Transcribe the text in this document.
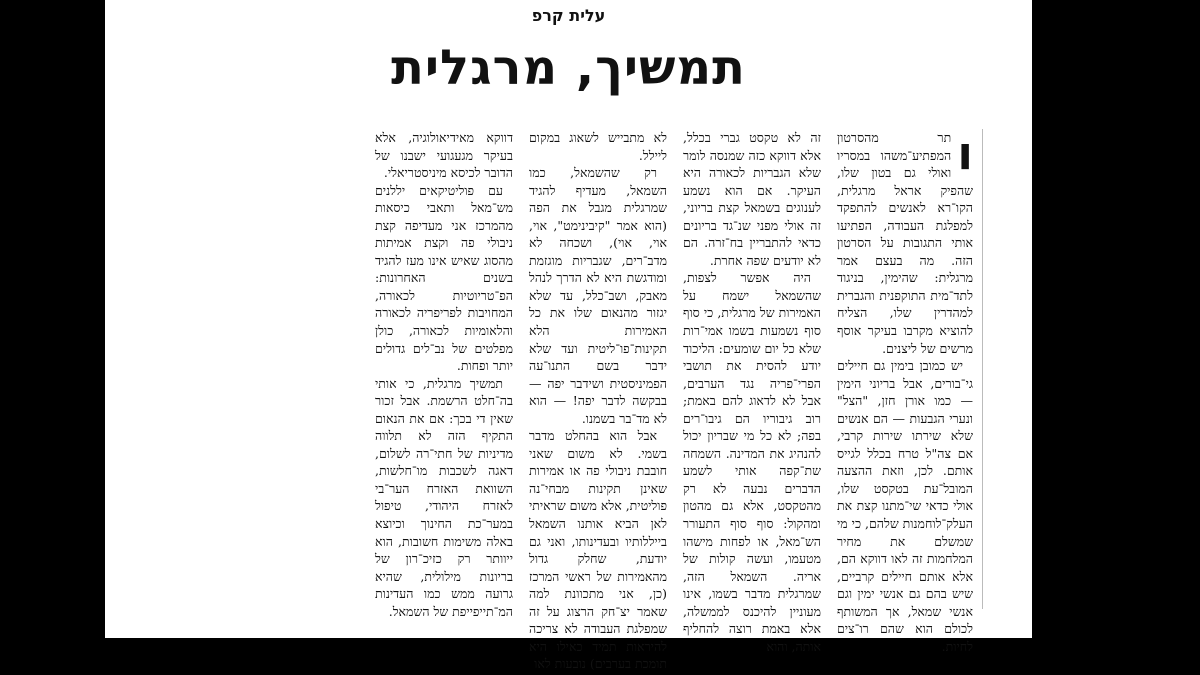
עלית קרפ
תמשיך, מרגלית
ו

תר מהסרטון המפתיע־משהו במסריו ואולי גם בטון שלו, שהפיק אראל מרגלית, הקו־רא לאנשים להתפקד למפלגת העבודה, הפתיעו אותי התגובות על הסרטון הזה. מה בעצם אמר מרגלית: שהימין, בניגוד לתד־מית התוקפנית והגברית למהדרין שלו, הצליח להוציא מקרבו בעיקר אוסף מרשים של ליצנים.

יש כמובן בימין גם חיילים גי־בורים, אבל בריוני הימין — כמו אורן חזן, "הצל" ונערי הגבעות — הם אנשים שלא שירתו שירות קרבי, אם צה"ל טרח בכלל לגייס אותם. לכן, וזאת ההצעה המובל־עת בטקסט שלו, אולי כדאי שי־מתנו קצת את העלק־לוחמנות שלהם, כי מי שמשלם את מחיר המלחמות זה לאו דווקא הם, אלא אותם חיילים קרביים, שיש בהם גם אנשי ימין וגם אנשי שמאל, אך המשותף לכולם הוא שהם רו־צים לחיות.

זה לא טקסט גברי בכלל, אלא דווקא כזה שמנסה לומר שלא הגבריות לכאורה היא העיקר. אם הוא נשמע לענוגים בשמאל קצת בריוני, זה אולי מפני שנ־גד בריונים כדאי להתבריין בח־זרה. הם לא יודעים שפה אחרת.

היה אפשר לצפות, שהשמאל ישמח על האמירות של מרגלית, כי סוף סוף נשמעות בשמו אמי־רות שלא כל יום שומעים: הליכוד יודע להסית את תושבי הפרי־פריה נגד הערבים, אבל לא לדאוג להם באמת; רוב גיבוריו הם גיבו־רים בפה; לא כל מי שבריון יכול להנהיג את המדינה. השמחה שת־קפה אותי לשמע הדברים נבעה לא רק מהטקסט, אלא גם מהטון ומהקול: סוף סוף התעורר הש־מאל, או לפחות מישהו מטעמו, ועשה קולות של אריה. השמאל הזה, שמרגלית מדבר בשמו, אינו מעוניין להיכנס לממשלה, אלא באמת רוצה להחליף אותה, והוא

לא מתבייש לשאוג במקום ליילל.

רק שהשמאל, כמו השמאל, מעדיף להגיד שמרגלית מגבל את הפה (הוא אמר "קיבינימט", אוי, אוי, אוי), ושכחה לא מדב־רים, שגבריות מוגזמת ומודגשת היא לא הדרך לנהל מאבק, ושב־כלל, עד שלא יגזור מהנאום שלו את כל האמירות הלא תקינות־פו־ליטית ועד שלא ידבר בשם התנו־עה הפמיניסטית ושידבר יפה — בבקשה לדבר יפה! — הוא לא מד־בר בשמנו.

אבל הוא בהחלט מדבר בשמי. לא משום שאני חובבת ניבולי פה או אמירות שאינן תקינות מבחי־נה פוליטית, אלא משום שראיתי לאן הביא אותנו השמאל בייללותיו ובעדינותו, ואני גם יודעת, שחלק גדול מהאמירות של ראשי המרכז (כן, אני מתכוונת למה שאמר יצ־חק הרצוג על זה שמפלגת העבודה לא צריכה להיראות תמיד כאילו היא תומכת בערבים) נובעות לאו

דווקא מאידיאולוגיה, אלא בעיקר מגעגועי ישבנו של הדובר לכיסא מיניסטריאלי.

עם פוליטיקאים יללנים מש־מאל ותאבי כיסאות מהמרכז אני מעדיפה קצת ניבולי פה וקצת אמיתות מהסוג שאיש אינו מעז להגיד בשנים האחרונות: הפ־טריוטיות לכאורה, המחויבות לפריפריה לכאורה והלאומיות לכאורה, כולן מפלטים של נב־לים גדולים יותר ופחות.

תמשיך מרגלית, כי אותי בה־חלט הרשמת. אבל זכור שאין די בכך: אם את הנאום התקיף הזה לא תלווה מדיניות של חתי־רה לשלום, דאגה לשכבות מו־חלשות, השוואת האזרח הער־בי לאזרח היהודי, טיפול במער־כת החינוך וכיוצא באלה משימות חשובות, הוא ייוותר רק כזיכ־רון של בריונות מילולית, שהיא גרועה ממש כמו העדינות המ־תייפייפת של השמאל.
